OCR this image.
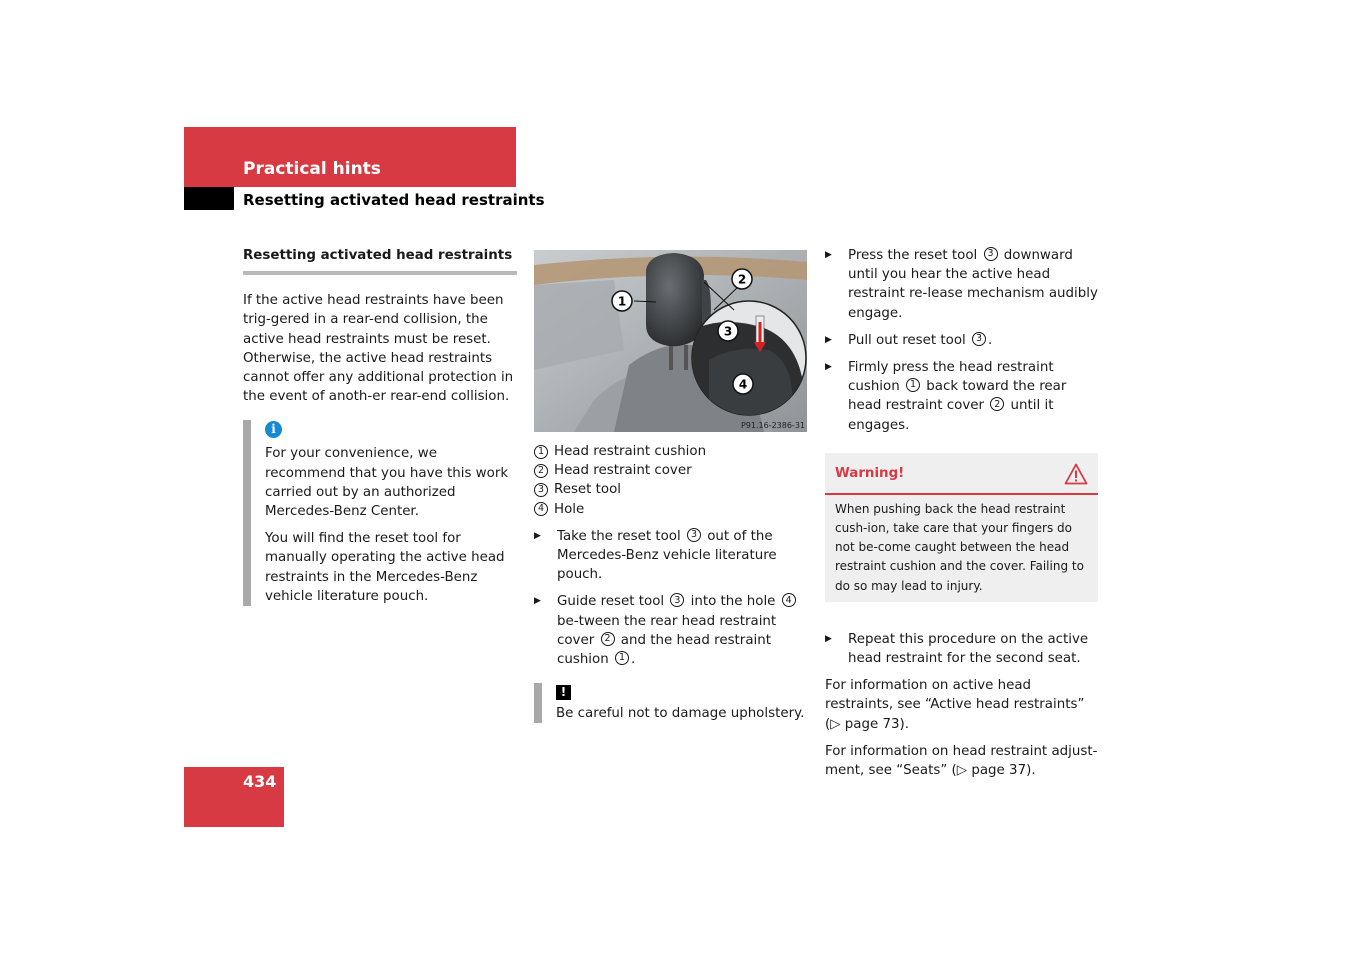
Practical hints
Resetting activated head restraints
Resetting activated head restraints

If the active head restraints have been trig-gered in a rear-end collision, the active head restraints must be reset. Otherwise, the active head restraints cannot offer any additional protection in the event of anoth-er rear-end collision.

i

For your convenience, we recommend that you have this work carried out by an authorized Mercedes-Benz Center.

You will find the reset tool for manually operating the active head restraints in the Mercedes-Benz vehicle literature pouch.

1
2
3
4
P91.16-2386-31
1 Head restraint cushion
2 Head restraint cover
3 Reset tool
4 Hole
▶ Take the reset tool 3 out of the Mercedes-Benz vehicle literature pouch.
▶ Guide reset tool 3 into the hole 4 be-tween the rear head restraint cover 2 and the head restraint cushion 1 .
!

Be careful not to damage upholstery.

▶ Press the reset tool 3 downward until you hear the active head restraint re-lease mechanism audibly engage.
▶ Pull out reset tool 3 .
▶ Firmly press the head restraint cushion 1 back toward the rear head restraint cover 2 until it engages.
Warning!
When pushing back the head restraint cush-ion, take care that your fingers do not be-come caught between the head restraint cushion and the cover. Failing to do so may lead to injury.
▶ Repeat this procedure on the active head restraint for the second seat.

For information on active head restraints, see “Active head restraints” (▷ page 73).

For information on head restraint adjust-ment, see “Seats” (▷ page 37).

434
